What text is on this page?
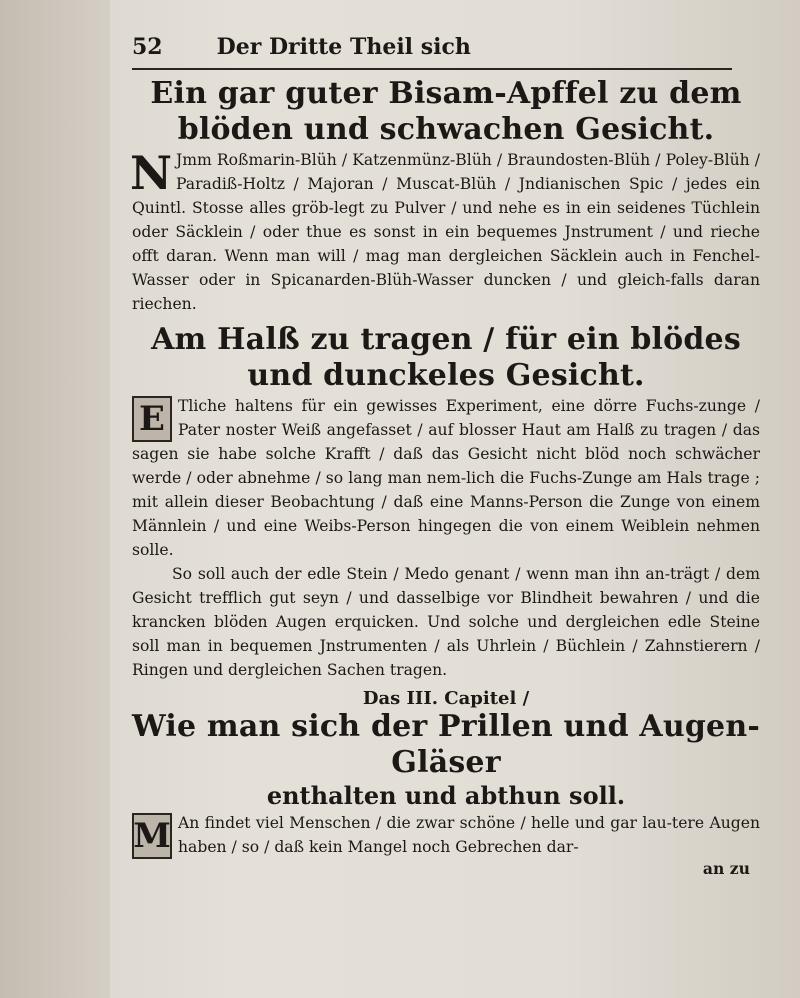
52 Der Dritte Theil sich
Ein gar guter Bisam-Apffel zu dem blöden und schwachen Gesicht.

N Jmm Roßmarin-Blüh / Katzenmünz-Blüh / Braundosten-Blüh / Poley-Blüh / Paradiß-Holtz / Majoran / Muscat-Blüh / Jndianischen Spic / jedes ein Quintl. Stosse alles gröb-legt zu Pulver / und nehe es in ein seidenes Tüchlein oder Säcklein / oder thue es sonst in ein bequemes Jnstrument / und rieche offt daran. Wenn man will / mag man dergleichen Säcklein auch in Fenchel-Wasser oder in Spicanarden-Blüh-Wasser duncken / und gleich-falls daran riechen.

Am Halß zu tragen / für ein blödes und dunckeles Gesicht.

E Tliche haltens für ein gewisses Experiment, eine dörre Fuchs-zunge / Pater noster Weiß angefasset / auf blosser Haut am Halß zu tragen / das sagen sie habe solche Krafft / daß das Gesicht nicht blöd noch schwächer werde / oder abnehme / so lang man nem-lich die Fuchs-Zunge am Hals trage ; mit allein dieser Beobachtung / daß eine Manns-Person die Zunge von einem Männlein / und eine Weibs-Person hingegen die von einem Weiblein nehmen solle.

So soll auch der edle Stein / Medo genant / wenn man ihn an-trägt / dem Gesicht trefflich gut seyn / und dasselbige vor Blindheit bewahren / und die krancken blöden Augen erquicken. Und solche und dergleichen edle Steine soll man in bequemen Jnstrumenten / als Uhrlein / Büchlein / Zahnstierern / Ringen und dergleichen Sachen tragen.

Das III. Capitel /
Wie man sich der Prillen und Augen-Gläser
enthalten und abthun soll.

M An findet viel Menschen / die zwar schöne / helle und gar lau-tere Augen haben / so / daß kein Mangel noch Gebrechen dar-

an zu
